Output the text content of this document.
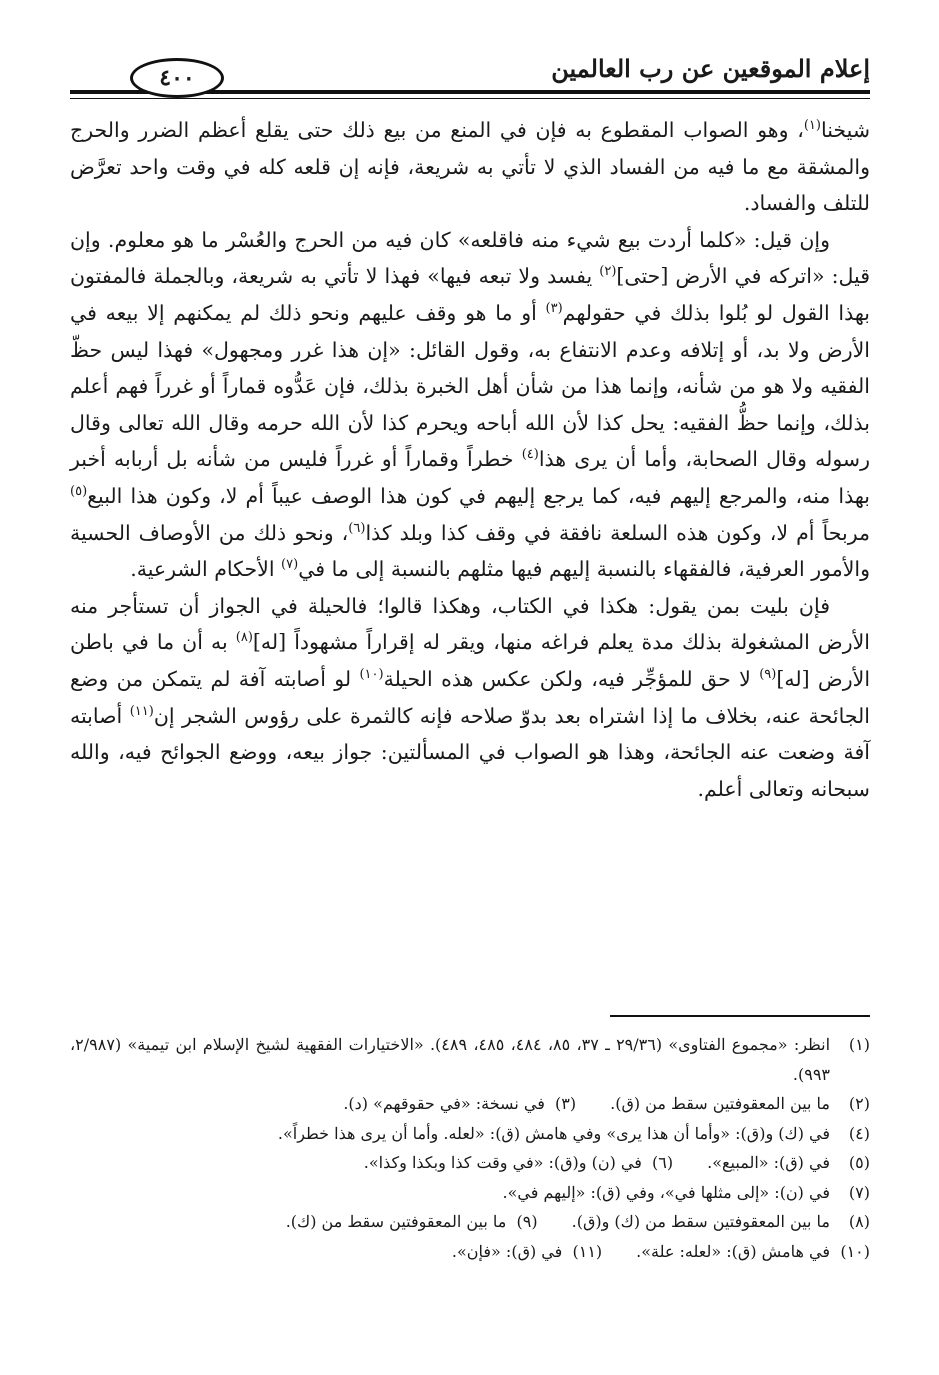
إعلام الموقعين عن رب العالمين
٤٠٠

شيخنا$^{(١)}$، وهو الصواب المقطوع به فإن في المنع من بيع ذلك حتى يقلع أعظم الضرر والحرج والمشقة مع ما فيه من الفساد الذي لا تأتي به شريعة، فإنه إن قلعه كله في وقت واحد تعرَّض للتلف والفساد.

وإن قيل: «كلما أردت بيع شيء منه فاقلعه» كان فيه من الحرج والعُسْر ما هو معلوم. وإن قيل: «اتركه في الأرض [حتى]$^{(٢)}$ يفسد ولا تبعه فيها» فهذا لا تأتي به شريعة، وبالجملة فالمفتون بهذا القول لو بُلوا بذلك في حقولهم$^{(٣)}$ أو ما هو وقف عليهم ونحو ذلك لم يمكنهم إلا بيعه في الأرض ولا بد، أو إتلافه وعدم الانتفاع به، وقول القائل: «إن هذا غرر ومجهول» فهذا ليس حظّ الفقيه ولا هو من شأنه، وإنما هذا من شأن أهل الخبرة بذلك، فإن عَدُّوه قماراً أو غرراً فهم أعلم بذلك، وإنما حظُّ الفقيه: يحل كذا لأن الله أباحه ويحرم كذا لأن الله حرمه وقال الله تعالى وقال رسوله وقال الصحابة، وأما أن يرى هذا$^{(٤)}$ خطراً وقماراً أو غرراً فليس من شأنه بل أربابه أخبر بهذا منه، والمرجع إليهم فيه، كما يرجع إليهم في كون هذا الوصف عيباً أم لا، وكون هذا البيع$^{(٥)}$ مربحاً أم لا، وكون هذه السلعة نافقة في وقف كذا وبلد كذا$^{(٦)}$، ونحو ذلك من الأوصاف الحسية والأمور العرفية، فالفقهاء بالنسبة إليهم فيها مثلهم بالنسبة إلى ما في$^{(٧)}$ الأحكام الشرعية.

فإن بليت بمن يقول: هكذا في الكتاب، وهكذا قالوا؛ فالحيلة في الجواز أن تستأجر منه الأرض المشغولة بذلك مدة يعلم فراغه منها، ويقر له إقراراً مشهوداً [له]$^{(٨)}$ به أن ما في باطن الأرض [له]$^{(٩)}$ لا حق للمؤجِّر فيه، ولكن عكس هذه الحيلة$^{(١٠)}$ لو أصابته آفة لم يتمكن من وضع الجائحة عنه، بخلاف ما إذا اشتراه بعد بدوّ صلاحه فإنه كالثمرة على رؤوس الشجر إن$^{(١١)}$ أصابته آفة وضعت عنه الجائحة، وهذا هو الصواب في المسألتين: جواز بيعه، ووضع الجوائح فيه، والله سبحانه وتعالى أعلم.

(١)
انظر: «مجموع الفتاوى» (٢٩/٣٦ ـ ٣٧، ٨٥، ٤٨٤، ٤٨٥، ٤٨٩). «الاختيارات الفقهية لشيخ الإسلام ابن تيمية» (٢/٩٨٧، ٩٩٣).
(٢)
ما بين المعقوفتين سقط من (ق).(٣)  في نسخة: «في حقوقهم» (د).
(٤)
في (ك) و(ق): «وأما أن هذا يرى» وفي هامش (ق): «لعله. وأما أن يرى هذا خطراً».
(٥)
في (ق): «المبيع».(٦)  في (ن) و(ق): «في وقت كذا وبكذا وكذا».
(٧)
في (ن): «إلى مثلها في»، وفي (ق): «إليهم في».
(٨)
ما بين المعقوفتين سقط من (ك) و(ق).(٩)  ما بين المعقوفتين سقط من (ك).
(١٠)
في هامش (ق): «لعله: علة».(١١)  في (ق): «فإن».
